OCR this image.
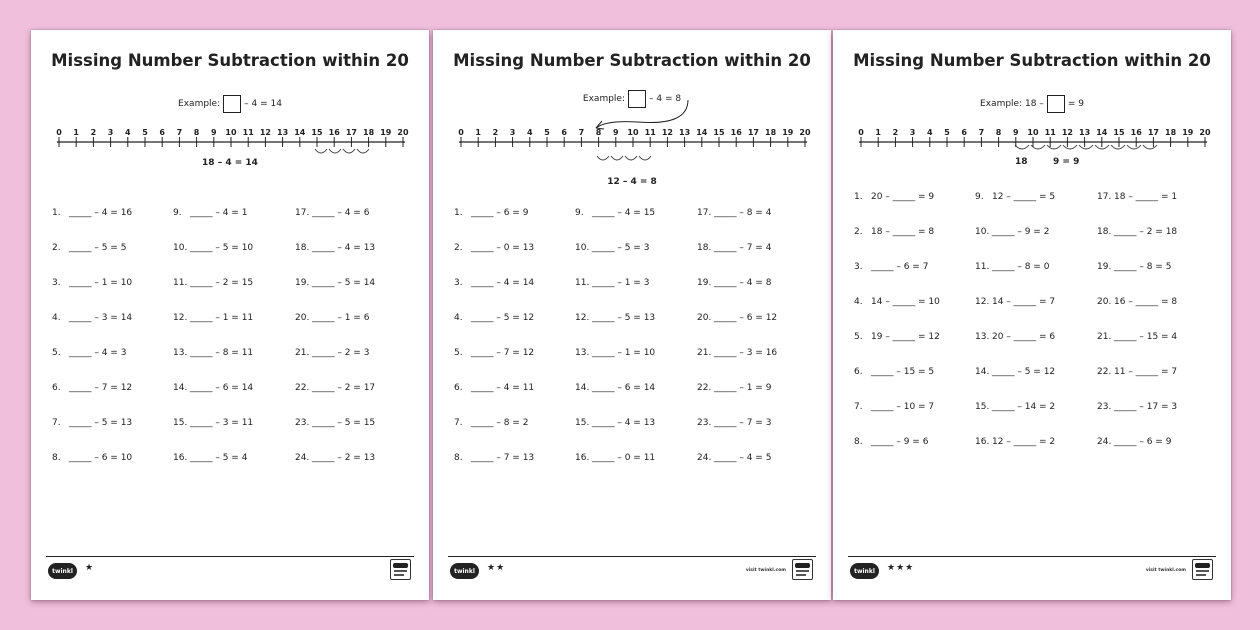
Missing Number Subtraction within 20
Example:	– 4 = 14
0 1 2 3 4 5 6 7 8 9 10 11 12 13 14 15 16 17 18 19 20
18 – 4 = 14
1. _____ – 4 = 16
2. _____ – 5 = 5
3. _____ – 1 = 10
4. _____ – 3 = 14
5. _____ – 4 = 3
6. _____ – 7 = 12
7. _____ – 5 = 13
8. _____ – 6 = 10
9. _____ – 4 = 1
10. _____ – 5 = 10
11. _____ – 2 = 15
12. _____ – 1 = 11
13. _____ – 8 = 11
14. _____ – 6 = 14
15. _____ – 3 = 11
16. _____ – 5 = 4
17. _____ – 4 = 6
18. _____ – 4 = 13
19. _____ – 5 = 14
20. _____ – 1 = 6
21. _____ – 2 = 3
22. _____ – 2 = 17
23. _____ – 5 = 15
24. _____ – 2 = 13
twinkl	★
Missing Number Subtraction within 20
Example:	– 4 = 8
0 1 2 3 4 5 6 7 8 9 10 11 12 13 14 15 16 17 18 19 20
12 – 4 = 8
1. _____ – 6 = 9
2. _____ – 0 = 13
3. _____ – 4 = 14
4. _____ – 5 = 12
5. _____ – 7 = 12
6. _____ – 4 = 11
7. _____ – 8 = 2
8. _____ – 7 = 13
9. _____ – 4 = 15
10. _____ – 5 = 3
11. _____ – 1 = 3
12. _____ – 5 = 13
13. _____ – 1 = 10
14. _____ – 6 = 14
15. _____ – 4 = 13
16. _____ – 0 = 11
17. _____ – 8 = 4
18. _____ – 7 = 4
19. _____ – 4 = 8
20. _____ – 6 = 12
21. _____ – 3 = 16
22. _____ – 1 = 9
23. _____ – 7 = 3
24. _____ – 4 = 5
twinkl	★★	visit twinkl.com
Missing Number Subtraction within 20
Example: 18 –	= 9
0 1 2 3 4 5 6 7 8 9 10 11 12 13 14 15 16 17 18 19 20
18	9 = 9
1. 20 – _____ = 9
2. 18 – _____ = 8
3. _____ – 6 = 7
4. 14 – _____ = 10
5. 19 – _____ = 12
6. _____ – 15 = 5
7. _____ – 10 = 7
8. _____ – 9 = 6
9. 12 – _____ = 5
10. _____ – 9 = 2
11. _____ – 8 = 0
12. 14 – _____ = 7
13. 20 – _____ = 6
14. _____ – 5 = 12
15. _____ – 14 = 2
16. 12 – _____ = 2
17. 18 – _____ = 1
18. _____ – 2 = 18
19. _____ – 8 = 5
20. 16 – _____ = 8
21. _____ – 15 = 4
22. 11 – _____ = 7
23. _____ – 17 = 3
24. _____ – 6 = 9
twinkl	★★★	visit twinkl.com
